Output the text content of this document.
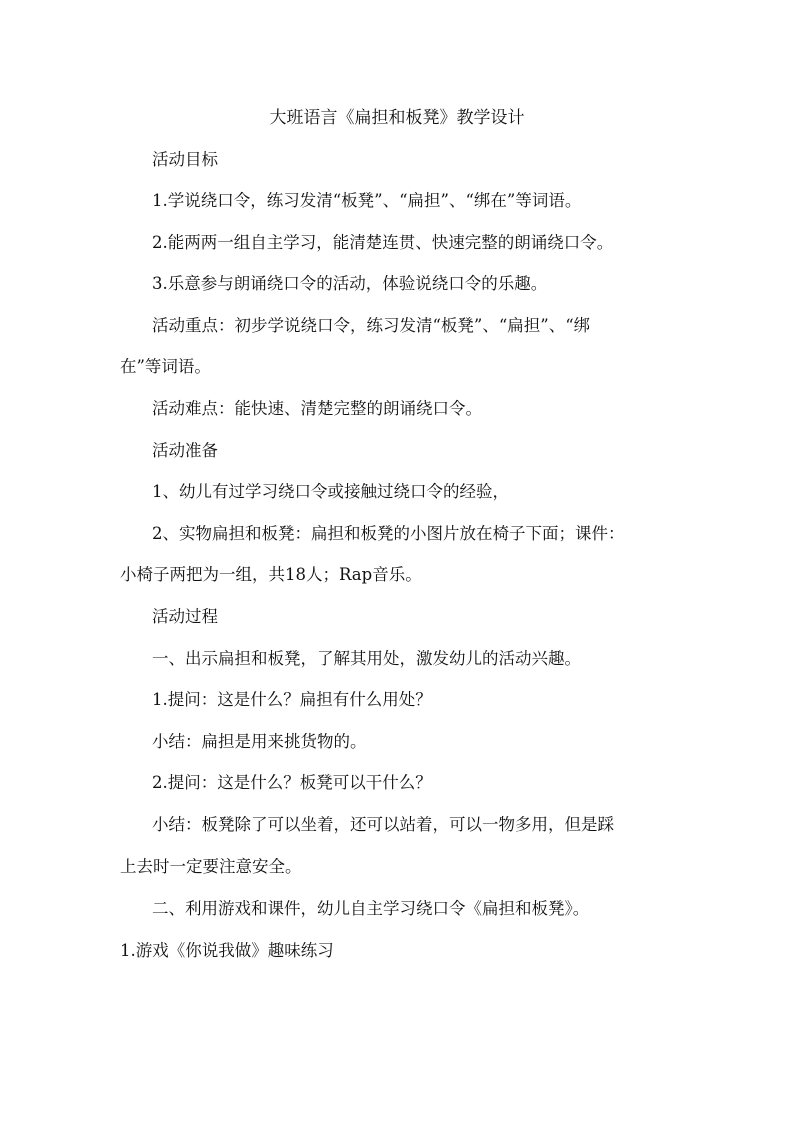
大班语言《扁担和板凳》教学设计
活动目标
1.学说绕口令，练习发清“板凳”、“扁担”、“绑在”等词语。
2.能两两一组自主学习，能清楚连贯、快速完整的朗诵绕口令。
3.乐意参与朗诵绕口令的活动，体验说绕口令的乐趣。
活动重点：初步学说绕口令，练习发清“板凳”、“扁担”、“绑
在”等词语。
活动难点：能快速、清楚完整的朗诵绕口令。
活动准备
1、幼儿有过学习绕口令或接触过绕口令的经验，
2、实物扁担和板凳：扁担和板凳的小图片放在椅子下面；课件：
小椅子两把为一组，共18人；Rap音乐。
活动过程
一、出示扁担和板凳，了解其用处，激发幼儿的活动兴趣。
1.提问：这是什么？扁担有什么用处？
小结：扁担是用来挑货物的。
2.提问：这是什么？板凳可以干什么？
小结：板凳除了可以坐着，还可以站着，可以一物多用，但是踩
上去时一定要注意安全。
二、利用游戏和课件，幼儿自主学习绕口令《扁担和板凳》。
1.游戏《你说我做》趣味练习
